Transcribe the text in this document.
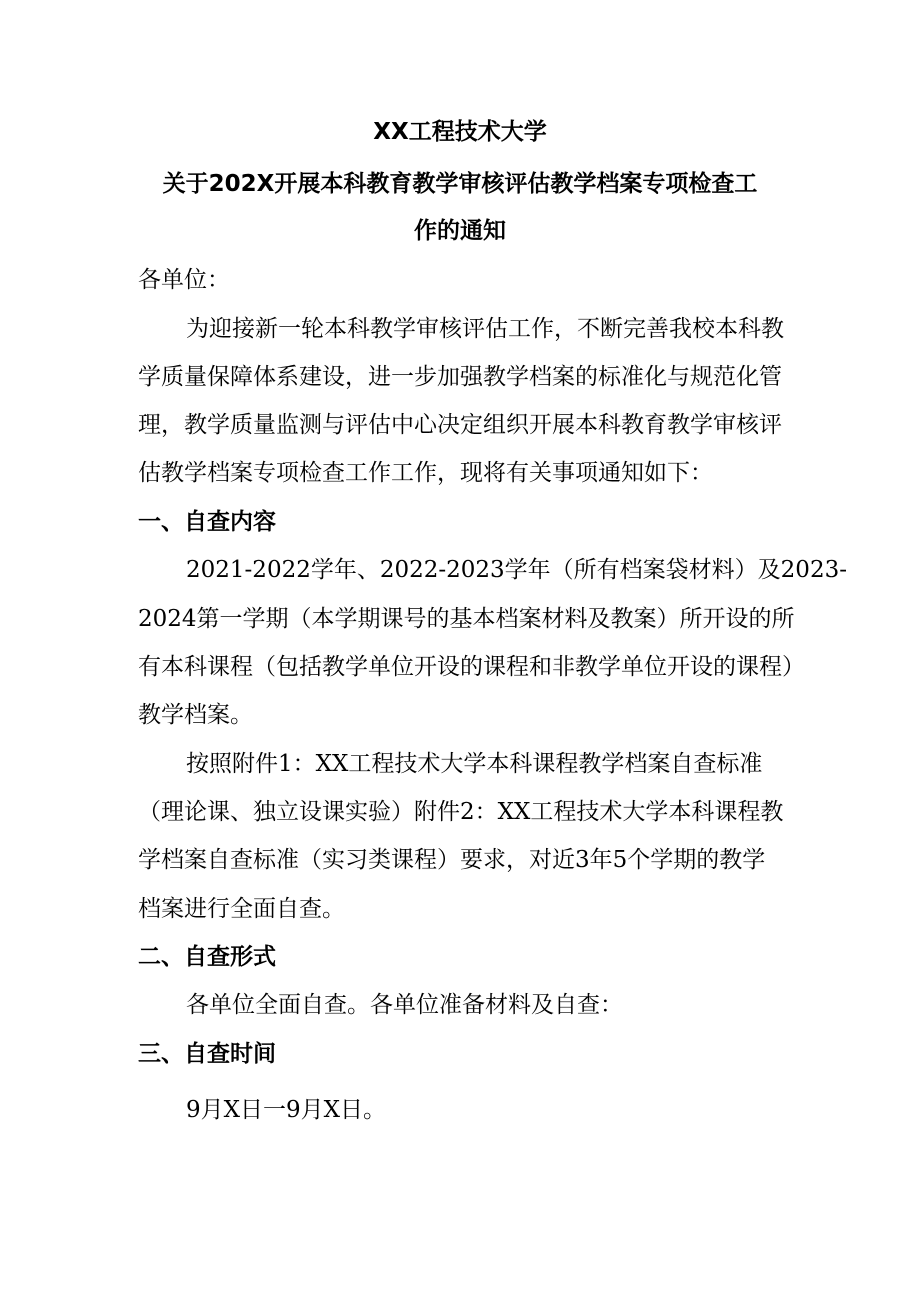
XX工程技术大学
关于202X开展本科教育教学审核评估教学档案专项检查工
作的通知
各单位：
为迎接新一轮本科教学审核评估工作，不断完善我校本科教
学质量保障体系建设，进一步加强教学档案的标准化与规范化管
理，教学质量监测与评估中心决定组织开展本科教育教学审核评
估教学档案专项检查工作工作，现将有关事项通知如下：
一、自查内容
2021-2022学年、2022-2023学年（所有档案袋材料）及2023-
2024第一学期（本学期课号的基本档案材料及教案）所开设的所
有本科课程（包括教学单位开设的课程和非教学单位开设的课程）
教学档案。
按照附件1：XX工程技术大学本科课程教学档案自查标准
（理论课、独立设课实验）附件2：XX工程技术大学本科课程教
学档案自查标准（实习类课程）要求，对近3年5个学期的教学
档案进行全面自查。
二、自查形式
各单位全面自查。各单位准备材料及自查：
三、自查时间
9月X日一9月X日。
